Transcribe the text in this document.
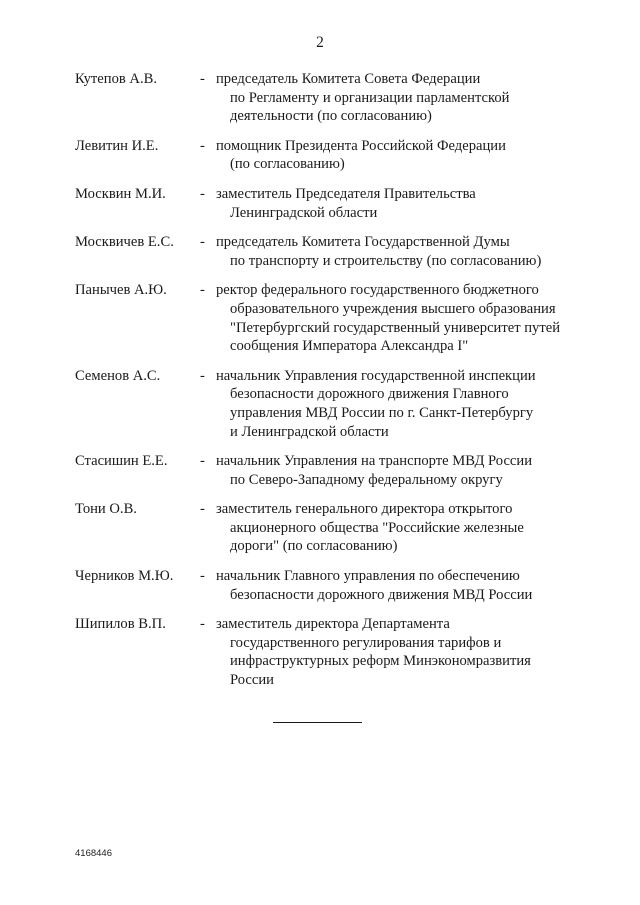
2
Кутепов А.В.	- председатель Комитета Совета Федерации
по Регламенту и организации парламентской
деятельности (по согласованию)
Левитин И.Е.	- помощник Президента Российской Федерации
(по согласованию)
Москвин М.И.	- заместитель Председателя Правительства
Ленинградской области
Москвичев Е.С.	- председатель Комитета Государственной Думы
по транспорту и строительству (по согласованию)
Панычев А.Ю.	- ректор федерального государственного бюджетного
образовательного учреждения высшего образования
"Петербургский государственный университет путей
сообщения Императора Александра I"
Семенов А.С.	- начальник Управления государственной инспекции
безопасности дорожного движения Главного
управления МВД России по г. Санкт-Петербургу
и Ленинградской области
Стасишин Е.Е.	- начальник Управления на транспорте МВД России
по Северо-Западному федеральному округу
Тони О.В.	- заместитель генерального директора открытого
акционерного общества "Российские железные
дороги" (по согласованию)
Черников М.Ю.	- начальник Главного управления по обеспечению
безопасности дорожного движения МВД России
Шипилов В.П.	- заместитель директора Департамента
государственного регулирования тарифов и
инфраструктурных реформ Минэкономразвития
России
4168446
